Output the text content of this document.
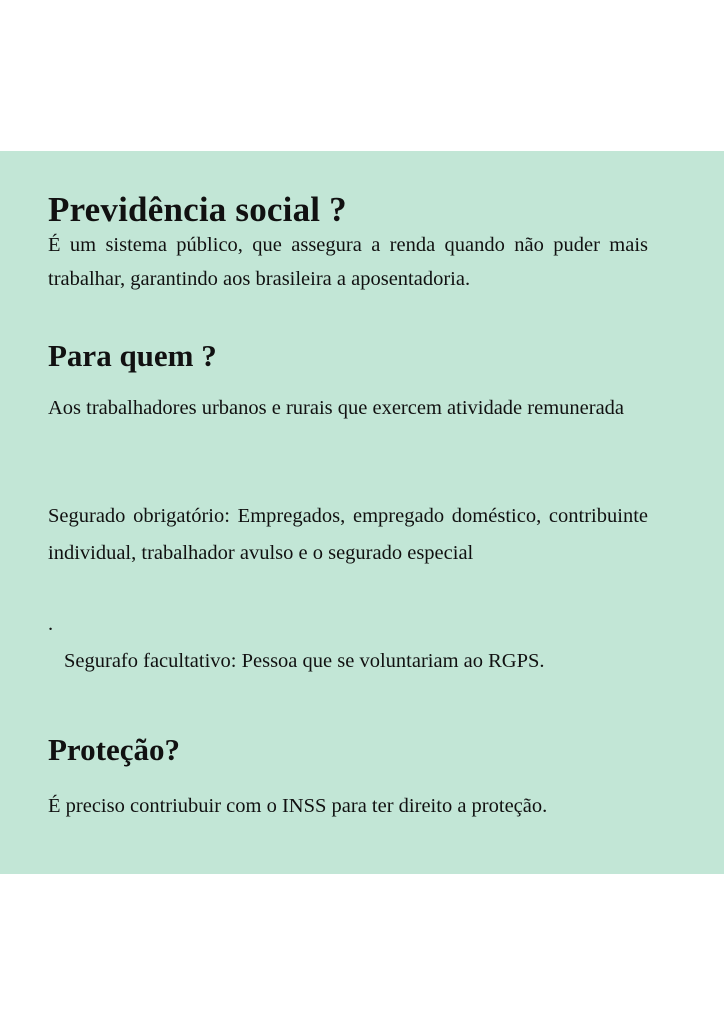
Previdência social ?

É um sistema público, que assegura a renda quando não puder mais trabalhar, garantindo aos brasileira a aposentadoria.

Para quem ?

Aos trabalhadores urbanos e rurais que exercem atividade remunerada

Segurado obrigatório: Empregados, empregado doméstico, contribuinte individual, trabalhador avulso e o segurado especial

.

Segurafo facultativo: Pessoa que se voluntariam ao RGPS.

Proteção?

É preciso contriubuir com o INSS para ter direito a proteção.
